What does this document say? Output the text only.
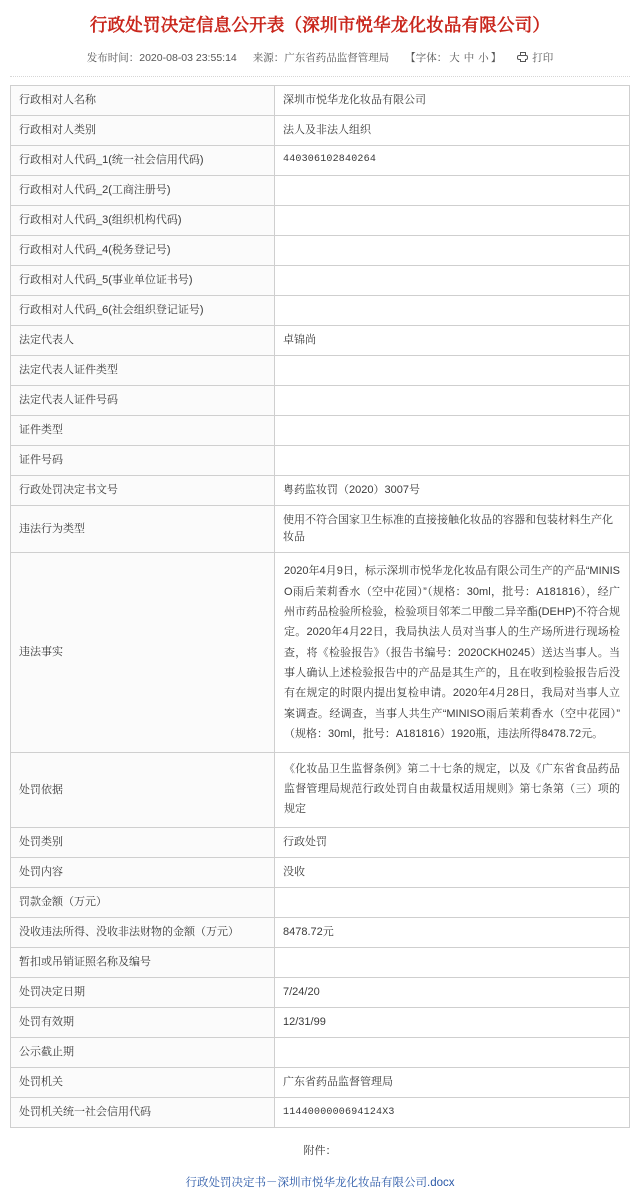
行政处罚决定信息公开表（深圳市悦华龙化妆品有限公司）
发布时间：2020-08-03 23:55:14 来源：广东省药品监督管理局 【字体： 大 中 小 】	打印
行政相对人名称	深圳市悦华龙化妆品有限公司
行政相对人类别	法人及非法人组织
行政相对人代码_1(统一社会信用代码)	440306102840264
行政相对人代码_2(工商注册号)	

行政相对人代码_3(组织机构代码)	

行政相对人代码_4(税务登记号)	

行政相对人代码_5(事业单位证书号)	

行政相对人代码_6(社会组织登记证号)	

法定代表人	卓锦尚
法定代表人证件类型	

法定代表人证件号码	

证件类型	

证件号码	

行政处罚决定书文号	粤药监妆罚（2020）3007号
违法行为类型	使用不符合国家卫生标准的直接接触化妆品的容器和包装材料生产化妆品
违法事实	2020年4月9日，标示深圳市悦华龙化妆品有限公司生产的产品“MINISO雨后茉莉香水（空中花园）”（规格：30ml，批号：A181816），经广州市药品检验所检验，检验项目邻苯二甲酸二异辛酯(DEHP)不符合规定。2020年4月22日，我局执法人员对当事人的生产场所进行现场检查，将《检验报告》（报告书编号：2020CKH0245）送达当事人。当事人确认上述检验报告中的产品是其生产的，且在收到检验报告后没有在规定的时限内提出复检申请。2020年4月28日，我局对当事人立案调查。经调查，当事人共生产“MINISO雨后茉莉香水（空中花园）”（规格：30ml，批号：A181816）1920瓶，违法所得8478.72元。
处罚依据	《化妆品卫生监督条例》第二十七条的规定，以及《广东省食品药品监督管理局规范行政处罚自由裁量权适用规则》第七条第（三）项的规定
处罚类别	行政处罚
处罚内容	没收
罚款金额（万元）	

没收违法所得、没收非法财物的金额（万元）	8478.72元
暂扣或吊销证照名称及编号	

处罚决定日期	7/24/20
处罚有效期	12/31/99
公示截止期	

处罚机关	广东省药品监督管理局
处罚机关统一社会信用代码	1144000000694124X3
附件：
行政处罚决定书－深圳市悦华龙化妆品有限公司.docx
